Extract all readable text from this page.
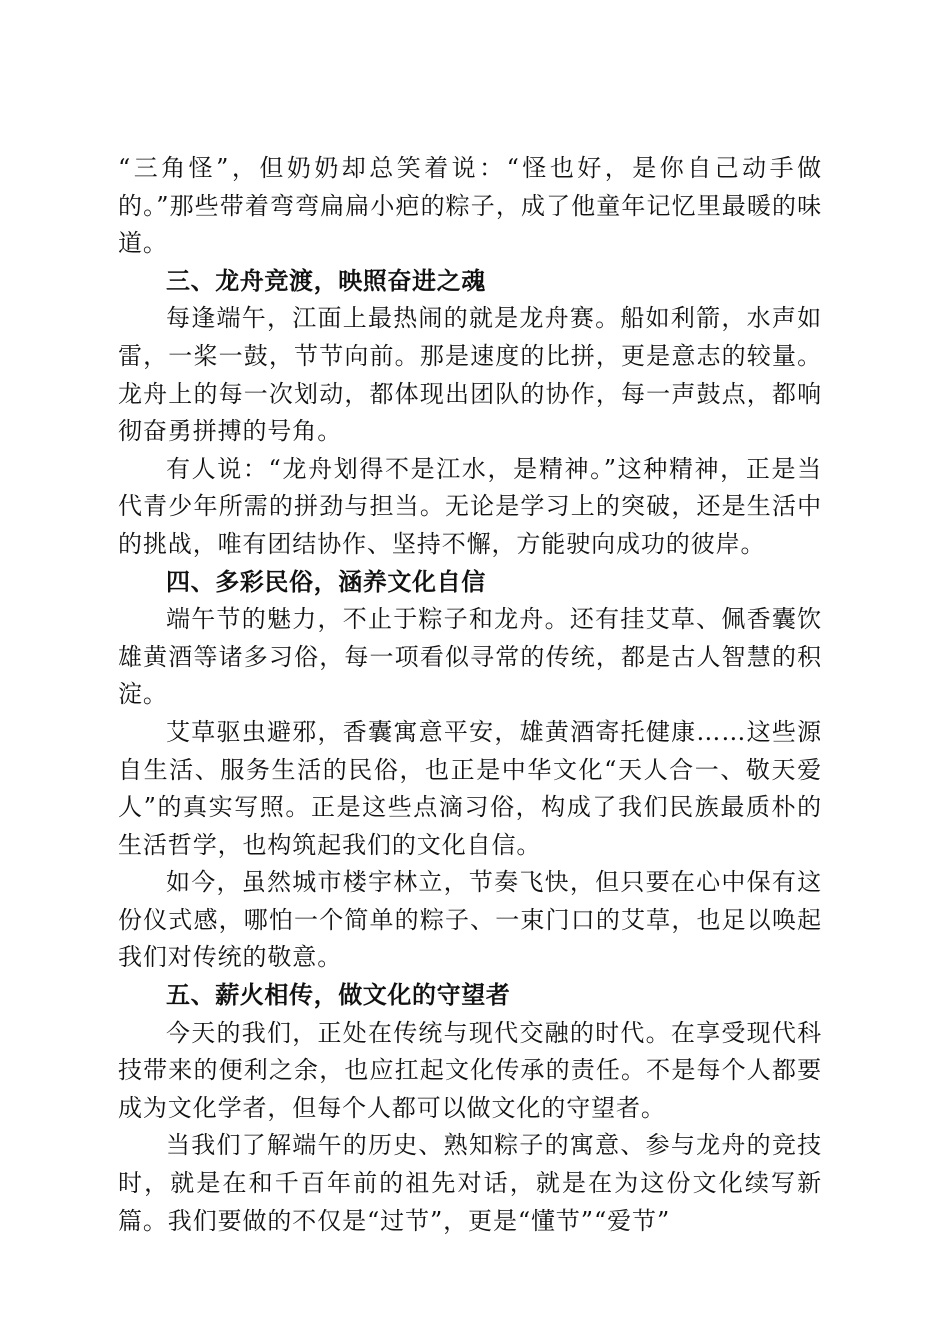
“三角怪”，但奶奶却总笑着说：“怪也好，是你自己动手做的。”那些带着弯弯扁扁小疤的粽子，成了他童年记忆里最暖的味道。

三、龙舟竞渡，映照奋进之魂

每逢端午，江面上最热闹的就是龙舟赛。船如利箭，水声如雷，一桨一鼓，节节向前。那是速度的比拼，更是意志的较量。龙舟上的每一次划动，都体现出团队的协作，每一声鼓点，都响彻奋勇拼搏的号角。

有人说：“龙舟划得不是江水，是精神。”这种精神，正是当代青少年所需的拼劲与担当。无论是学习上的突破，还是生活中的挑战，唯有团结协作、坚持不懈，方能驶向成功的彼岸。

四、多彩民俗，涵养文化自信

端午节的魅力，不止于粽子和龙舟。还有挂艾草、佩香囊饮雄黄酒等诸多习俗，每一项看似寻常的传统，都是古人智慧的积淀。

艾草驱虫避邪，香囊寓意平安，雄黄酒寄托健康……这些源自生活、服务生活的民俗，也正是中华文化“天人合一、敬天爱人”的真实写照。正是这些点滴习俗，构成了我们民族最质朴的生活哲学，也构筑起我们的文化自信。

如今，虽然城市楼宇林立，节奏飞快，但只要在心中保有这份仪式感，哪怕一个简单的粽子、一束门口的艾草，也足以唤起我们对传统的敬意。

五、薪火相传，做文化的守望者

今天的我们，正处在传统与现代交融的时代。在享受现代科技带来的便利之余，也应扛起文化传承的责任。不是每个人都要成为文化学者，但每个人都可以做文化的守望者。

当我们了解端午的历史、熟知粽子的寓意、参与龙舟的竞技时，就是在和千百年前的祖先对话，就是在为这份文化续写新篇。我们要做的不仅是“过节”，更是“懂节”“爱节”
